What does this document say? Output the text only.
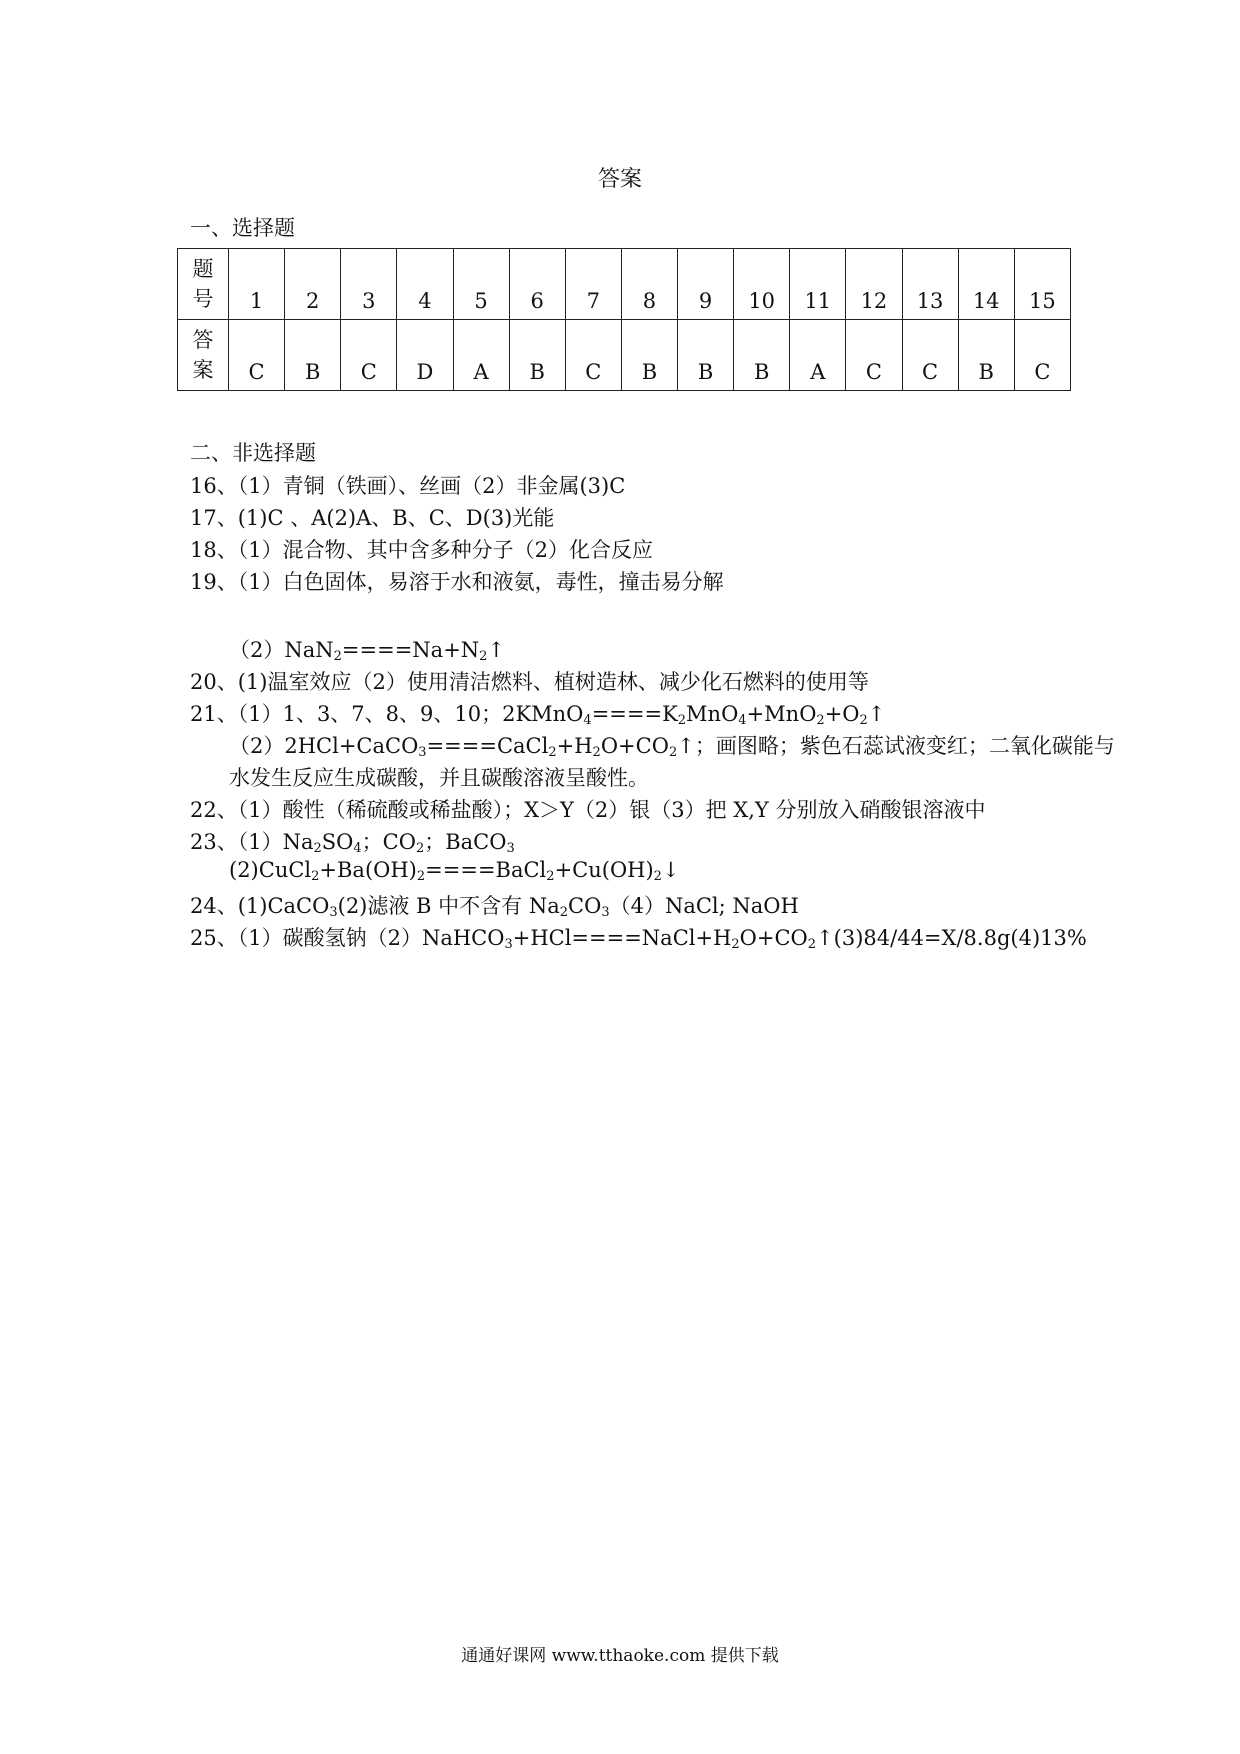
答案
一、选择题
题
号	1	2	3	4	5	6	7	8	9	10	11	12	13	14	15

答
案	C	B	C	D	A	B	C	B	B	B	A	C	C	B	C
二、非选择题
16、（1）青铜（铁画）、丝画（2）非金属(3)C
17、(1)C 、A(2)A、B、C、D(3)光能
18、（1）混合物、其中含多种分子（2）化合反应
19、（1）白色固体，易溶于水和液氨，毒性，撞击易分解
$(2)NaN_2====Na+N_2↑$
20、(1)温室效应（2）使用清洁燃料、植树造林、减少化石燃料的使用等
21、（1）1、3、7、8、9、10；$2KMnO_4====K_2MnO_4+MnO_2+O_2↑$
$(2)2HCl+CaCO_3====CaCl_2+H_2O+CO_2↑$；画图略；紫色石蕊试液变红；二氧化碳能与
水发生反应生成碳酸，并且碳酸溶液呈酸性。
22、（1）酸性（稀硫酸或稀盐酸）；X＞Y（2）银（3）把 X,Y 分别放入硝酸银溶液中
23、$(1)Na_2SO_4$；$CO_2$；BaCO$_3$
$(2)CuCl_2+Ba(OH)_2====BaCl_2+Cu(OH)_2↓$
24、(1)CaCO$_3$(2)滤液 B 中不含有 $Na_2CO_3(4)NaCl$; NaOH
25、（1）碳酸氢钠$(2)NaHCO_3+HCl====NaCl+H_2O+CO_2↑(3)84/44=X/8.8g(4)13\%$
通通好课网 www.tthaoke.com 提供下载
